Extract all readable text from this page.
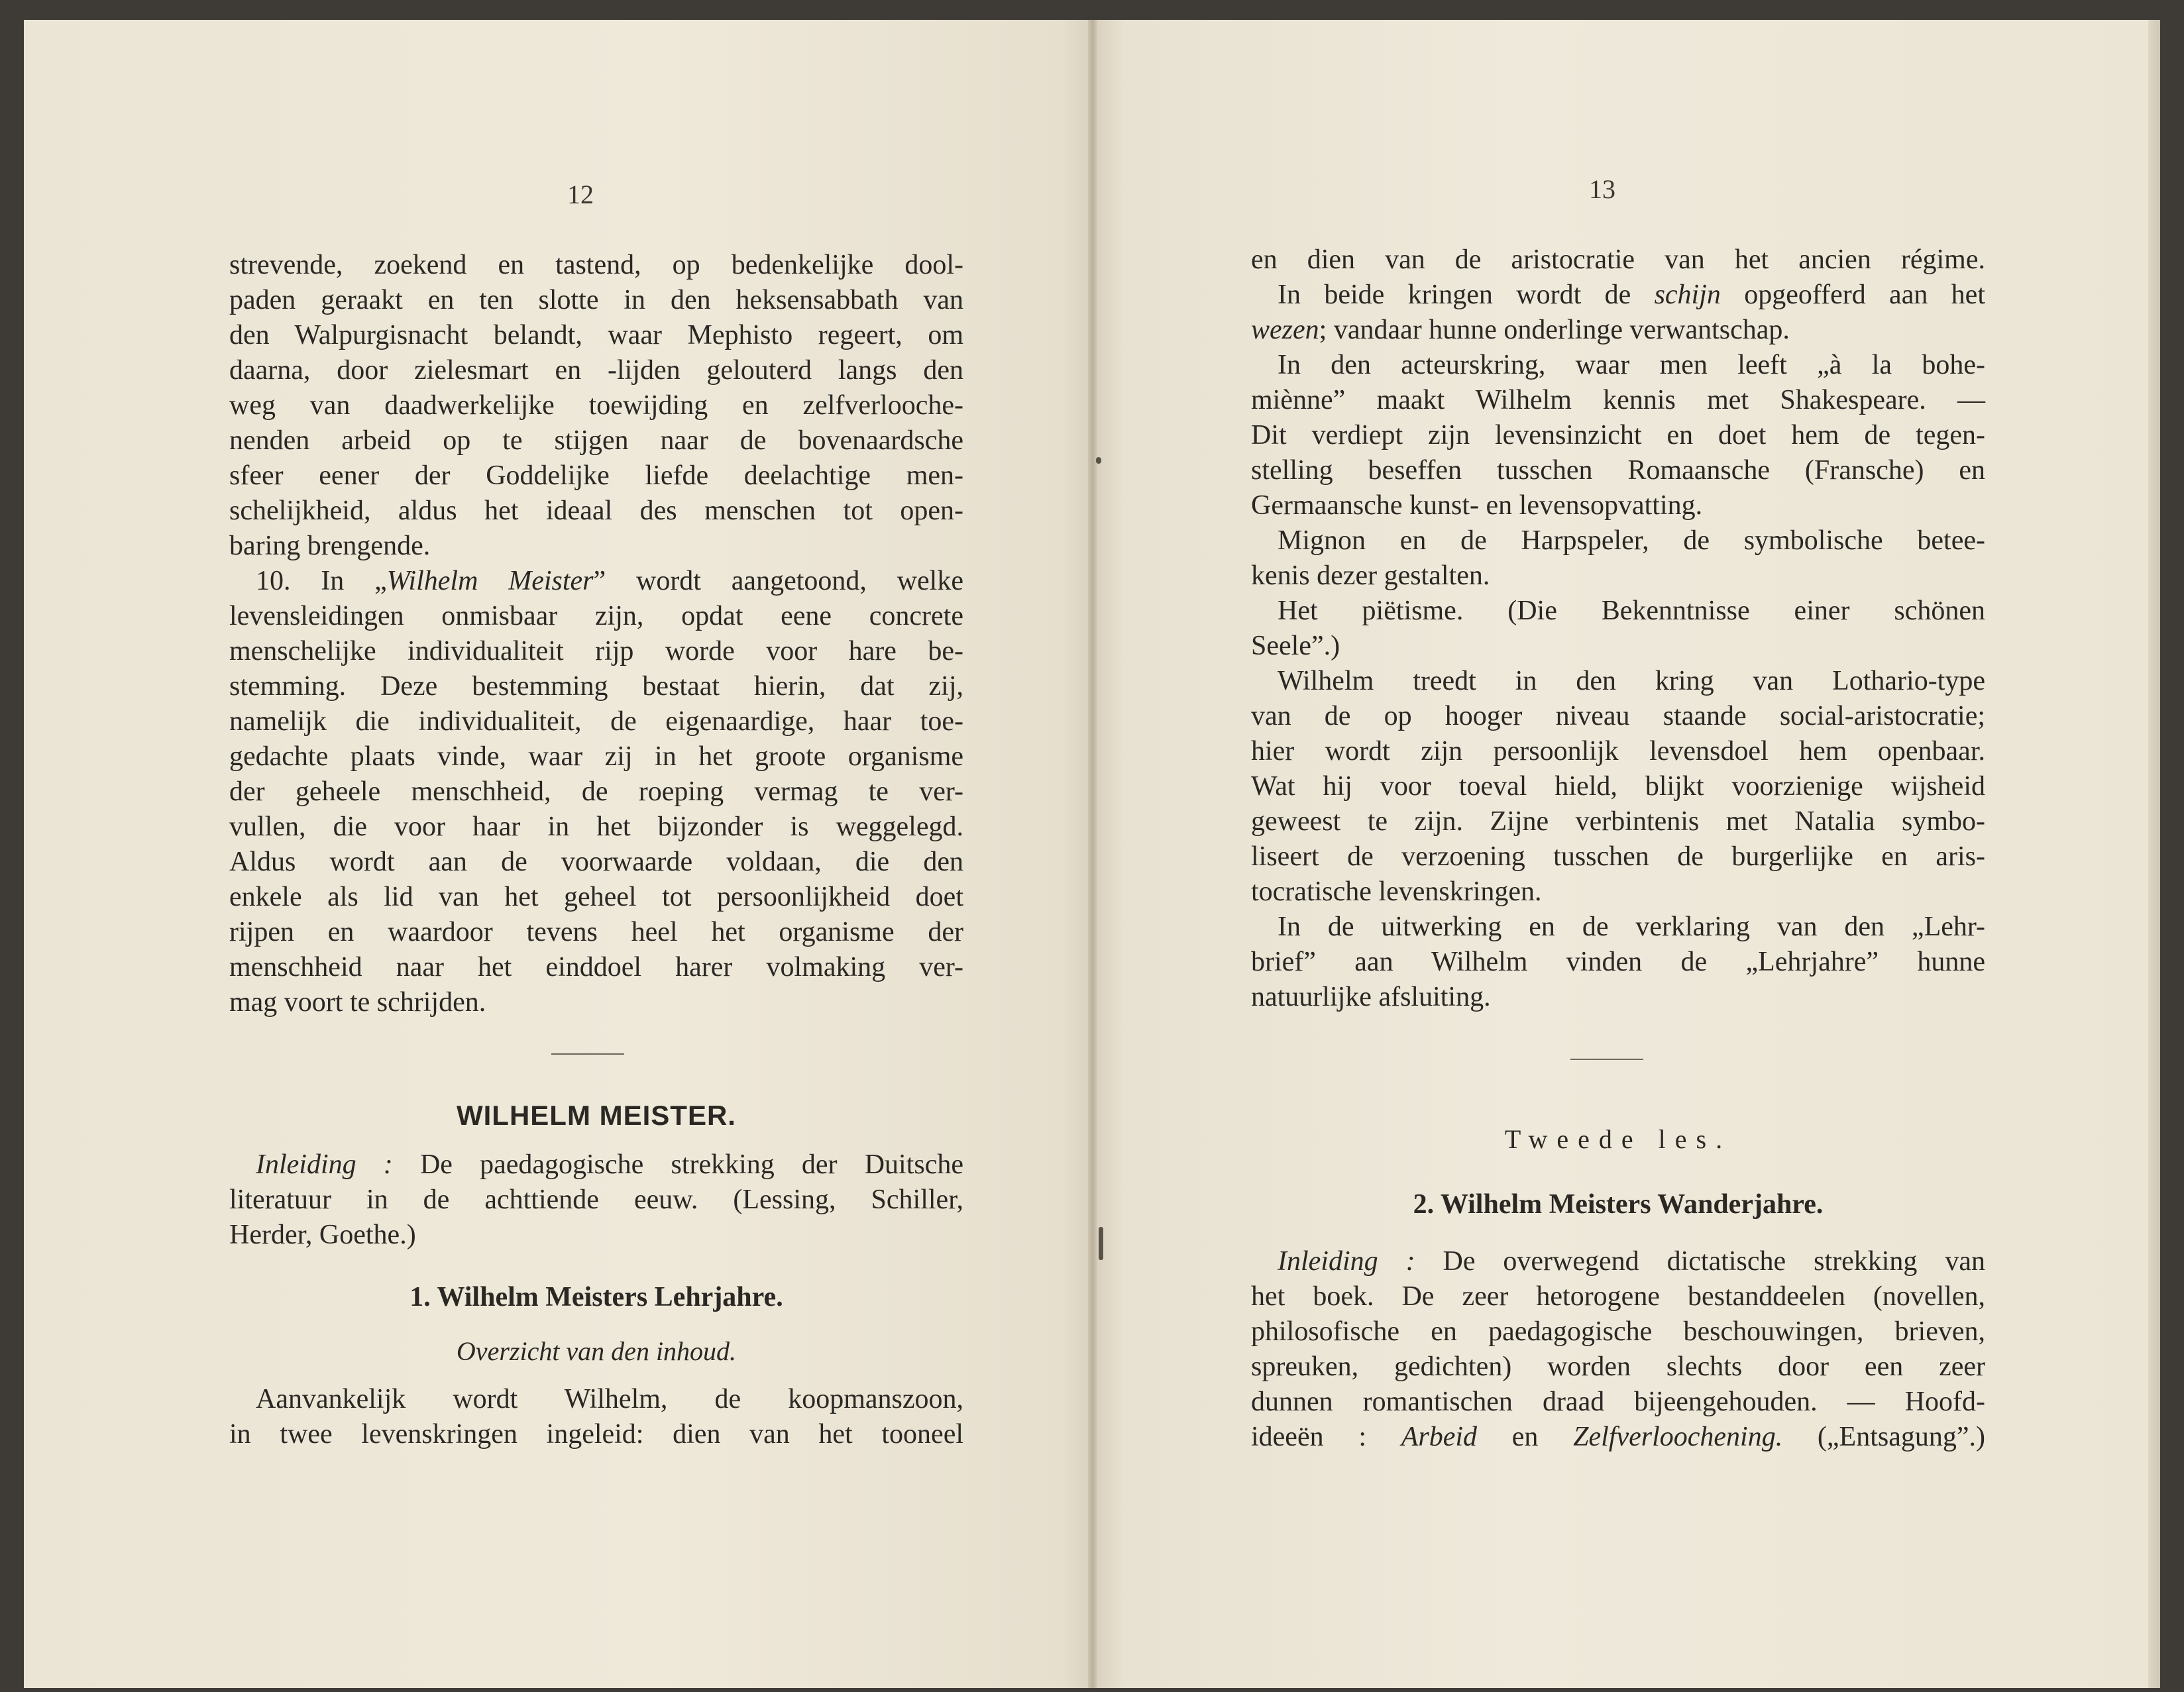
12
strevende, zoekend en tastend, op bedenkelijke dool-
paden geraakt en ten slotte in den heksensabbath van
den Walpurgisnacht belandt, waar Mephisto regeert, om
daarna, door zielesmart en -lijden gelouterd langs den
weg van daadwerkelijke toewijding en zelfverlooche-
nenden arbeid op te stijgen naar de bovenaardsche
sfeer eener der Goddelijke liefde deelachtige men-
schelijkheid, aldus het ideaal des menschen tot open-
baring brengende.
10. In „Wilhelm Meister” wordt aangetoond, welke
levensleidingen onmisbaar zijn, opdat eene concrete
menschelijke individualiteit rijp worde voor hare be-
stemming. Deze bestemming bestaat hierin, dat zij,
namelijk die individualiteit, de eigenaardige, haar toe-
gedachte plaats vinde, waar zij in het groote organisme
der geheele menschheid, de roeping vermag te ver-
vullen, die voor haar in het bijzonder is weggelegd.
Aldus wordt aan de voorwaarde voldaan, die den
enkele als lid van het geheel tot persoonlijkheid doet
rijpen en waardoor tevens heel het organisme der
menschheid naar het einddoel harer volmaking ver-
mag voort te schrijden.
WILHELM MEISTER.
Inleiding : De paedagogische strekking der Duitsche
literatuur in de achttiende eeuw. (Lessing, Schiller,
Herder, Goethe.)
1. Wilhelm Meisters Lehrjahre.
Overzicht van den inhoud.
Aanvankelijk wordt Wilhelm, de koopmanszoon,
in twee levenskringen ingeleid: dien van het tooneel
13
en dien van de aristocratie van het ancien régime.
In beide kringen wordt de schijn opgeofferd aan het
wezen; vandaar hunne onderlinge verwantschap.
In den acteurskring, waar men leeft „à la bohe-
miènne” maakt Wilhelm kennis met Shakespeare. —
Dit verdiept zijn levensinzicht en doet hem de tegen-
stelling beseffen tusschen Romaansche (Fransche) en
Germaansche kunst- en levensopvatting.
Mignon en de Harpspeler, de symbolische betee-
kenis dezer gestalten.
Het piëtisme. (Die Bekenntnisse einer schönen
Seele”.)
Wilhelm treedt in den kring van Lothario-type
van de op hooger niveau staande social-aristocratie;
hier wordt zijn persoonlijk levensdoel hem openbaar.
Wat hij voor toeval hield, blijkt voorzienige wijsheid
geweest te zijn. Zijne verbintenis met Natalia symbo-
liseert de verzoening tusschen de burgerlijke en aris-
tocratische levenskringen.
In de uitwerking en de verklaring van den „Lehr-
brief” aan Wilhelm vinden de „Lehrjahre” hunne
natuurlijke afsluiting.
Tweede les.
2. Wilhelm Meisters Wanderjahre.
Inleiding : De overwegend dictatische strekking van
het boek. De zeer hetorogene bestanddeelen (novellen,
philosofische en paedagogische beschouwingen, brieven,
spreuken, gedichten) worden slechts door een zeer
dunnen romantischen draad bijeengehouden. — Hoofd-
ideeën : Arbeid en Zelfverloochening. („Entsagung”.)
